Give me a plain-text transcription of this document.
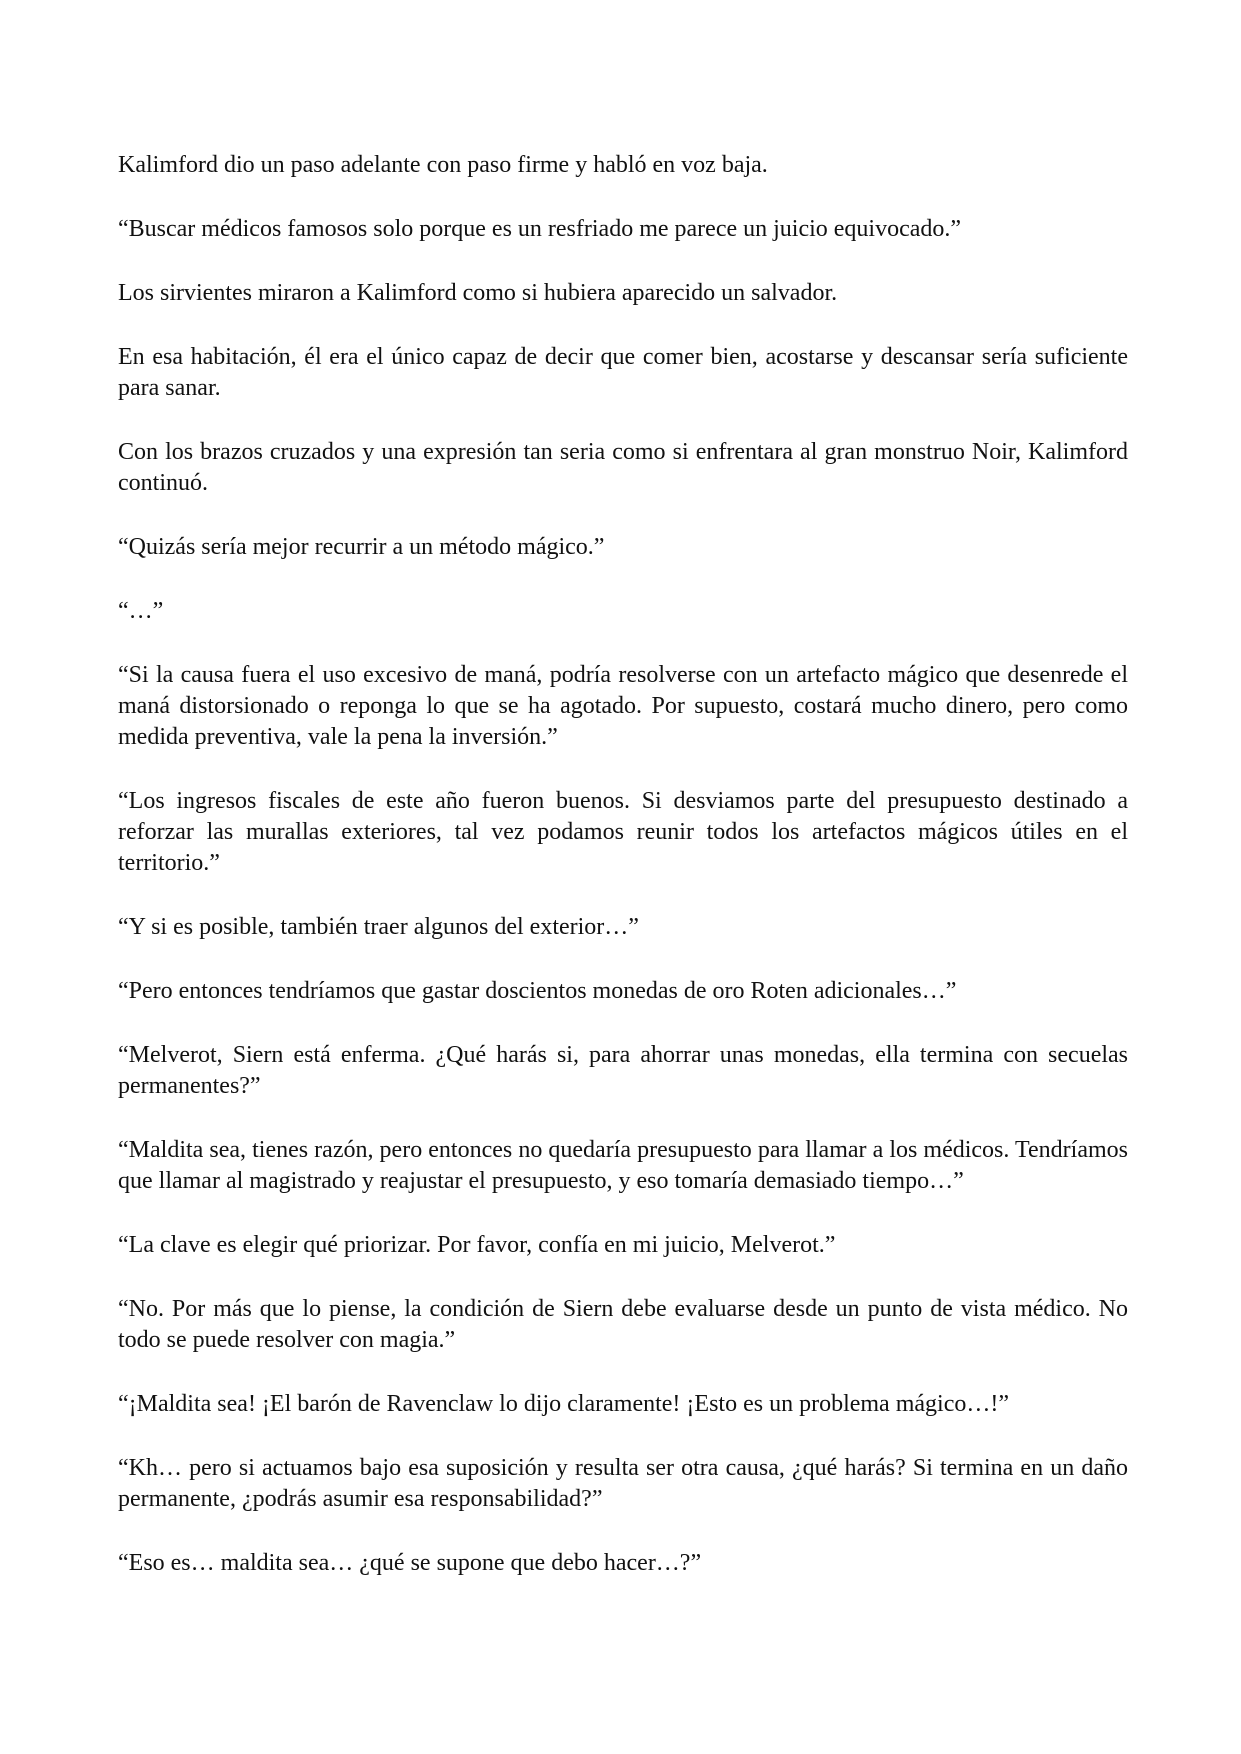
Kalimford dio un paso adelante con paso firme y habló en voz baja.

“Buscar médicos famosos solo porque es un resfriado me parece un juicio equivocado.”

Los sirvientes miraron a Kalimford como si hubiera aparecido un salvador.

En esa habitación, él era el único capaz de decir que comer bien, acostarse y descansar sería suficiente para sanar.

Con los brazos cruzados y una expresión tan seria como si enfrentara al gran monstruo Noir, Kalimford continuó.

“Quizás sería mejor recurrir a un método mágico.”

“…”

“Si la causa fuera el uso excesivo de maná, podría resolverse con un artefacto mágico que desenrede el maná distorsionado o reponga lo que se ha agotado. Por supuesto, costará mucho dinero, pero como medida preventiva, vale la pena la inversión.”

“Los ingresos fiscales de este año fueron buenos. Si desviamos parte del presupuesto destinado a reforzar las murallas exteriores, tal vez podamos reunir todos los artefactos mágicos útiles en el territorio.”

“Y si es posible, también traer algunos del exterior…”

“Pero entonces tendríamos que gastar doscientos monedas de oro Roten adicionales…”

“Melverot, Siern está enferma. ¿Qué harás si, para ahorrar unas monedas, ella termina con secuelas permanentes?”

“Maldita sea, tienes razón, pero entonces no quedaría presupuesto para llamar a los médicos. Tendríamos que llamar al magistrado y reajustar el presupuesto, y eso tomaría demasiado tiempo…”

“La clave es elegir qué priorizar. Por favor, confía en mi juicio, Melverot.”

“No. Por más que lo piense, la condición de Siern debe evaluarse desde un punto de vista médico. No todo se puede resolver con magia.”

“¡Maldita sea! ¡El barón de Ravenclaw lo dijo claramente! ¡Esto es un problema mágico…!”

“Kh… pero si actuamos bajo esa suposición y resulta ser otra causa, ¿qué harás? Si termina en un daño permanente, ¿podrás asumir esa responsabilidad?”

“Eso es… maldita sea… ¿qué se supone que debo hacer…?”
